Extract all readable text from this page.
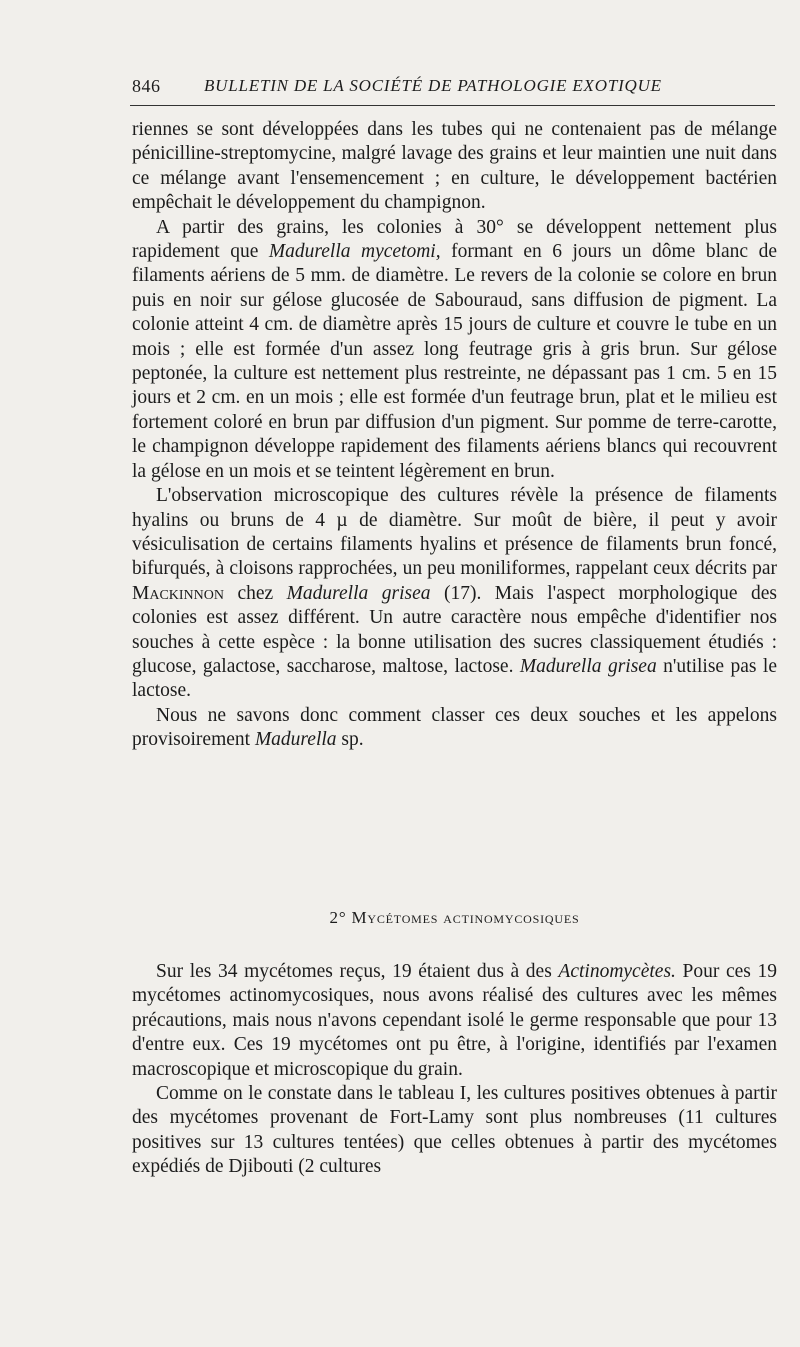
846	BULLETIN DE LA SOCIÉTÉ DE PATHOLOGIE EXOTIQUE

riennes se sont développées dans les tubes qui ne contenaient pas de mélange pénicilline-streptomycine, malgré lavage des grains et leur maintien une nuit dans ce mélange avant l'ensemencement ; en culture, le développement bactérien empêchait le développement du champignon.

A partir des grains, les colonies à 30° se développent nettement plus rapidement que Madurella mycetomi, formant en 6 jours un dôme blanc de filaments aériens de 5 mm. de diamètre. Le revers de la colonie se colore en brun puis en noir sur gélose glucosée de Sabouraud, sans diffusion de pigment. La colonie atteint 4 cm. de diamètre après 15 jours de culture et couvre le tube en un mois ; elle est formée d'un assez long feutrage gris à gris brun. Sur gélose peptonée, la culture est nettement plus restreinte, ne dépassant pas 1 cm. 5 en 15 jours et 2 cm. en un mois ; elle est formée d'un feutrage brun, plat et le milieu est fortement coloré en brun par diffusion d'un pigment. Sur pomme de terre-carotte, le champignon développe rapidement des filaments aériens blancs qui recouvrent la gélose en un mois et se teintent légèrement en brun.

L'observation microscopique des cultures révèle la présence de filaments hyalins ou bruns de 4 µ de diamètre. Sur moût de bière, il peut y avoir vésiculisation de certains filaments hyalins et présence de filaments brun foncé, bifurqués, à cloisons rapprochées, un peu moniliformes, rappelant ceux décrits par Mackinnon chez Madurella grisea (17). Mais l'aspect morphologique des colonies est assez différent. Un autre caractère nous empêche d'identifier nos souches à cette espèce : la bonne utilisation des sucres classiquement étudiés : glucose, galactose, saccharose, maltose, lactose. Madurella grisea n'utilise pas le lactose.

Nous ne savons donc comment classer ces deux souches et les appelons provisoirement Madurella sp.

2° Mycétomes actinomycosiques

Sur les 34 mycétomes reçus, 19 étaient dus à des Actinomycètes. Pour ces 19 mycétomes actinomycosiques, nous avons réalisé des cultures avec les mêmes précautions, mais nous n'avons cependant isolé le germe responsable que pour 13 d'entre eux. Ces 19 mycétomes ont pu être, à l'origine, identifiés par l'examen macroscopique et microscopique du grain.

Comme on le constate dans le tableau I, les cultures positives obtenues à partir des mycétomes provenant de Fort-Lamy sont plus nombreuses (11 cultures positives sur 13 cultures tentées) que celles obtenues à partir des mycétomes expédiés de Djibouti (2 cultures
